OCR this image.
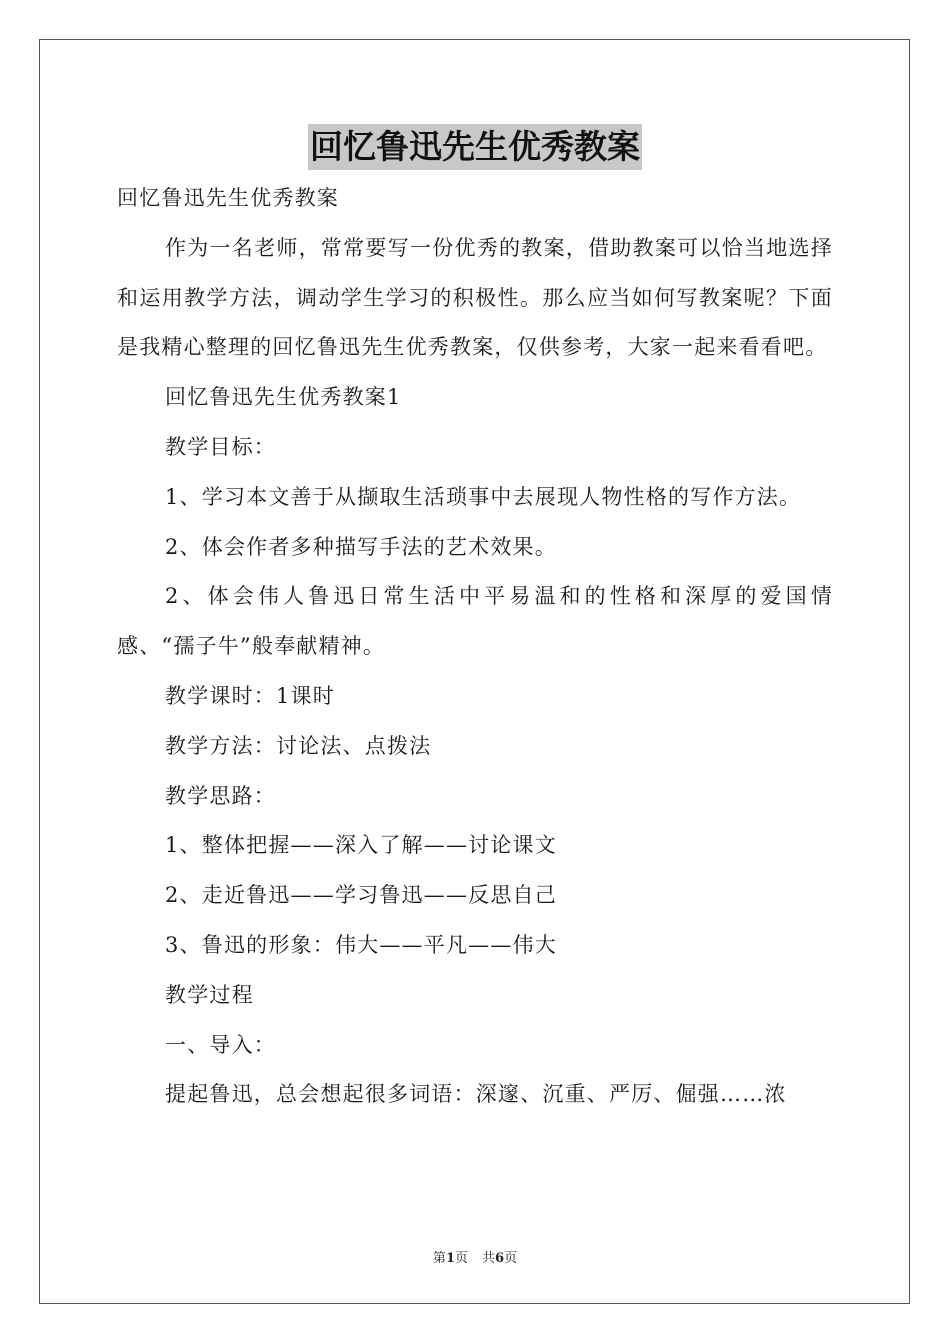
回忆鲁迅先生优秀教案

回忆鲁迅先生优秀教案

作为一名老师，常常要写一份优秀的教案，借助教案可以恰当地选择和运用教学方法，调动学生学习的积极性。那么应当如何写教案呢？下面是我精心整理的回忆鲁迅先生优秀教案，仅供参考，大家一起来看看吧。

回忆鲁迅先生优秀教案1

教学目标：

1、学习本文善于从撷取生活琐事中去展现人物性格的写作方法。

2、体会作者多种描写手法的艺术效果。

2、体会伟人鲁迅日常生活中平易温和的性格和深厚的爱国情感、“孺子牛”般奉献精神。

教学课时：1课时

教学方法：讨论法、点拨法

教学思路：

1、整体把握——深入了解——讨论课文

2、走近鲁迅——学习鲁迅——反思自己

3、鲁迅的形象：伟大——平凡——伟大

教学过程

一、导入：

提起鲁迅，总会想起很多词语：深邃、沉重、严厉、倔强……浓

第1页 共6页
